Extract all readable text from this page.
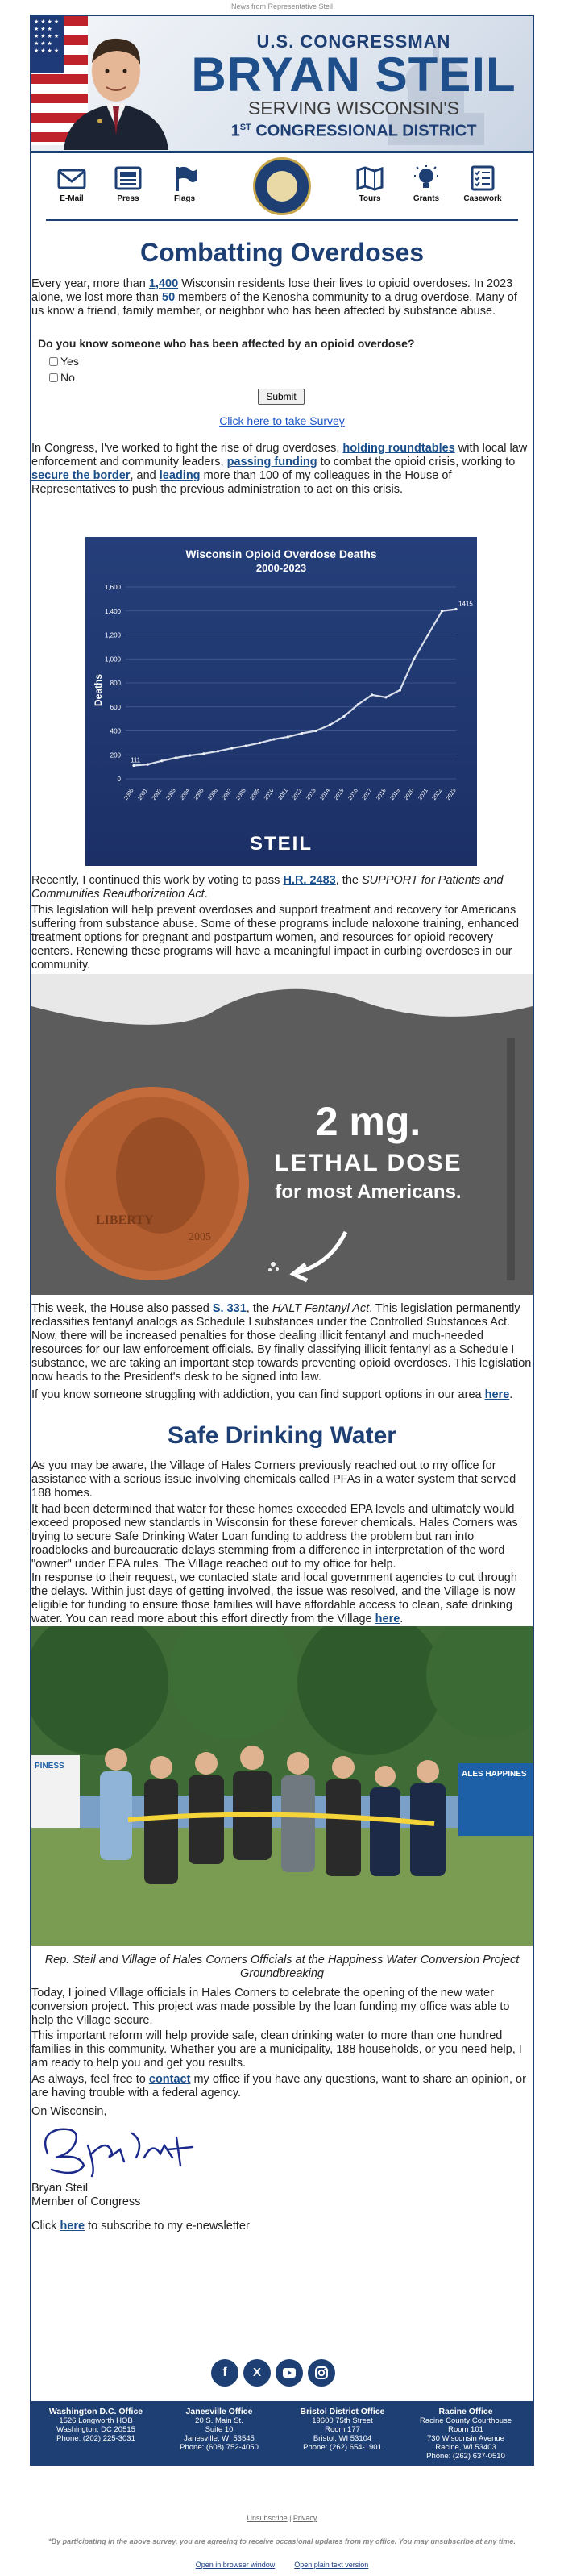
News from Representative Steil
★★★★ ★★★ ★★★★ ★★★ ★★★★	U.S. CONGRESSMAN
BRYAN STEIL
SERVING WISCONSIN'S
1ST CONGRESSIONAL DISTRICT
E-Mail	Press	Flags	Tours	Grants	Casework
Combatting Overdoses
Every year, more than 1,400 Wisconsin residents lose their lives to opioid overdoses. In 2023 alone, we lost more than 50 members of the Kenosha community to a drug overdose. Many of us know a friend, family member, or neighbor who has been affected by substance abuse.
Do you know someone who has been affected by an opioid overdose?
Yes
No
Submit
Click here to take Survey
In Congress, I've worked to fight the rise of drug overdoses, holding roundtables with local law enforcement and community leaders, passing funding to combat the opioid crisis, working to secure the border, and leading more than 100 of my colleagues in the House of Representatives to push the previous administration to act on this crisis.
Wisconsin Opioid Overdose Deaths
2000-2023
Deaths
0
200
400
600
800
1,000
1,200
1,400
1,600
2000 2001 2002 2003 2004 2005 2006 2007 2008 2009 2010 2011 2012 2013 2014 2015 2016 2017 2018 2019 2020 2021 2022 2023
111
1415
STEIL
Recently, I continued this work by voting to pass H.R. 2483, the SUPPORT for Patients and Communities Reauthorization Act.
This legislation will help prevent overdoses and support treatment and recovery for Americans suffering from substance abuse. Some of these programs include naloxone training, enhanced treatment options for pregnant and postpartum women, and resources for opioid recovery centers. Renewing these programs will have a meaningful impact in curbing overdoses in our community.
LIBERTY
2005
2 mg.
LETHAL DOSE
for most Americans.
This week, the House also passed S. 331, the HALT Fentanyl Act. This legislation permanently reclassifies fentanyl analogs as Schedule I substances under the Controlled Substances Act. Now, there will be increased penalties for those dealing illicit fentanyl and much-needed resources for our law enforcement officials. By finally classifying illicit fentanyl as a Schedule I substance, we are taking an important step towards preventing opioid overdoses. This legislation now heads to the President's desk to be signed into law.
If you know someone struggling with addiction, you can find support options in our area here.
Safe Drinking Water
As you may be aware, the Village of Hales Corners previously reached out to my office for assistance with a serious issue involving chemicals called PFAs in a water system that served 188 homes.
It had been determined that water for these homes exceeded EPA levels and ultimately would exceed proposed new standards in Wisconsin for these forever chemicals. Hales Corners was trying to secure Safe Drinking Water Loan funding to address the problem but ran into roadblocks and bureaucratic delays stemming from a difference in interpretation of the word "owner" under EPA rules. The Village reached out to my office for help.
In response to their request, we contacted state and local government agencies to cut through the delays. Within just days of getting involved, the issue was resolved, and the Village is now eligible for funding to ensure those families will have affordable access to clean, safe drinking water. You can read more about this effort directly from the Village here.
PINESS
ALES HAPPINES
Rep. Steil and Village of Hales Corners Officials at the Happiness Water Conversion Project Groundbreaking
Today, I joined Village officials in Hales Corners to celebrate the opening of the new water conversion project. This project was made possible by the loan funding my office was able to help the Village secure.
This important reform will help provide safe, clean drinking water to more than one hundred families in this community. Whether you are a municipality, 188 households, or you need help, I am ready to help you and get you results.
As always, feel free to contact my office if you have any questions, want to share an opinion, or are having trouble with a federal agency.
On Wisconsin,
Bryan Steil
Member of Congress
Click here to subscribe to my e-newsletter
f	X
Washington D.C. Office
1526 Longworth HOB
Washington, DC 20515
Phone: (202) 225-3031
Janesville Office
20 S. Main St.
Suite 10
Janesville, WI 53545
Phone: (608) 752-4050
Bristol District Office
19600 75th Street
Room 177
Bristol, WI 53104
Phone: (262) 654-1901
Racine Office
Racine County Courthouse
Room 101
730 Wisconsin Avenue
Racine, WI 53403
Phone: (262) 637-0510
Unsubscribe | Privacy
*By participating in the above survey, you are agreeing to receive occasional updates from my office. You may unsubscribe at any time.
Open in browser window	Open plain text version
